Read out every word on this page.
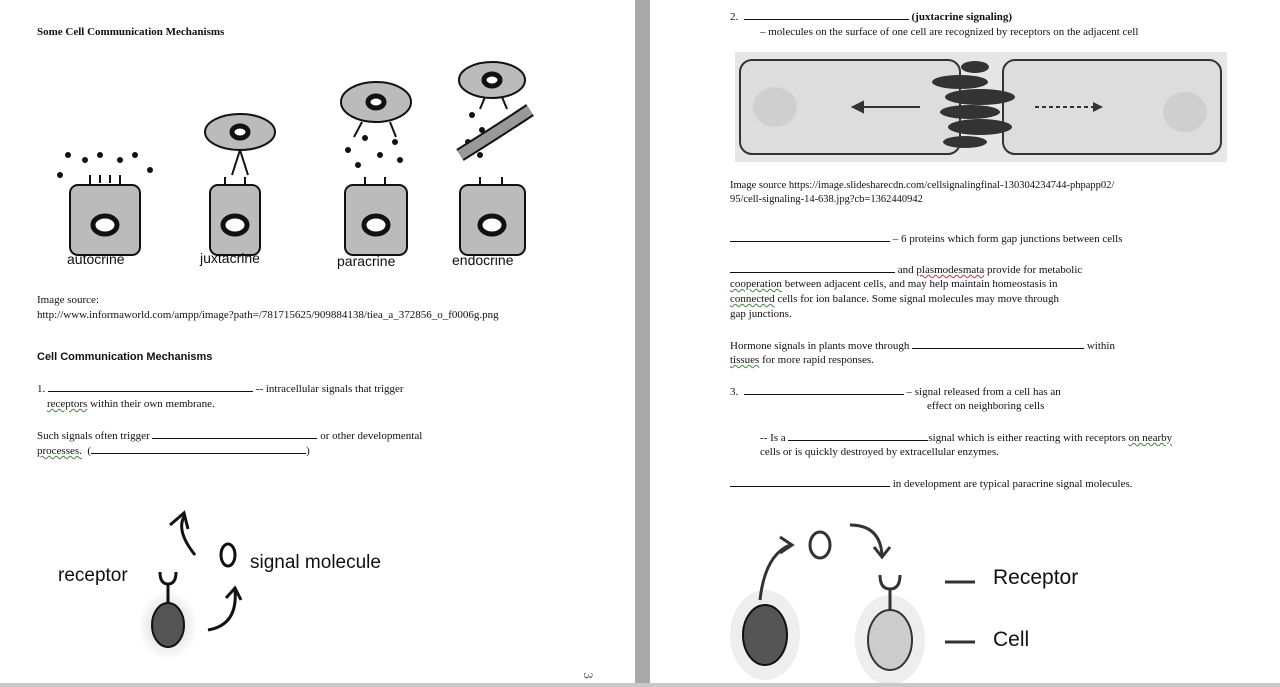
Some Cell Communication Mechanisms
autocrine	juxtacrine	paracrine	endocrine
Image source:
http://www.informaworld.com/ampp/image?path=/781715625/909884138/tiea_a_372856_o_f0006g.png
Cell Communication Mechanisms
1.	-- intracellular signals that trigger
receptors within their own membrane.
Such signals often trigger	or other developmental
processes. (	)
receptor
signal molecule
3
2.	(juxtacrine signaling)
– molecules on the surface of one cell are recognized by receptors on the adjacent cell
Image source https://image.slidesharecdn.com/cellsignalingfinal-130304234744-phpapp02/
95/cell-signaling-14-638.jpg?cb=1362440942
– 6 proteins which form gap junctions between cells
and plasmodesmata provide for metabolic
cooperation between adjacent cells, and may help maintain homeostasis in
connected cells for ion balance. Some signal molecules may move through
gap junctions.
Hormone signals in plants move through	within
tissues for more rapid responses.
3.	– signal released from a cell has an
effect on neighboring cells
-- Is a	signal which is either reacting with receptors on nearby
cells or is quickly destroyed by extracellular enzymes.
in development are typical paracrine signal molecules.
Receptor
Cell
